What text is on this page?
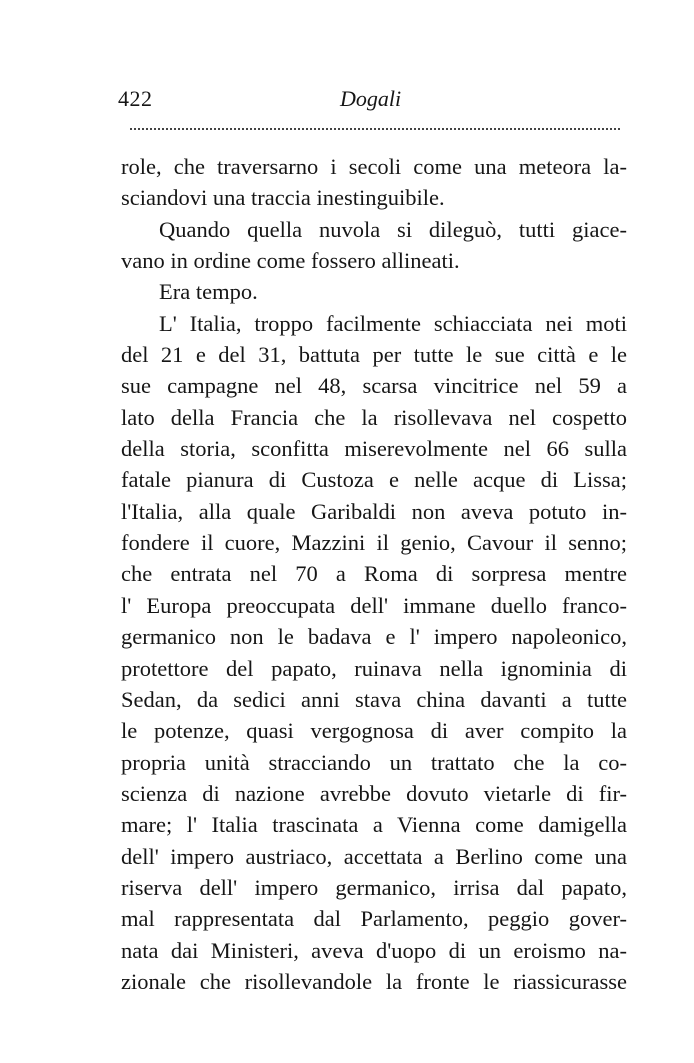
422	Dogali
role, che traversarno i secoli come una meteora la-
sciandovi una traccia inestinguibile.
Quando quella nuvola si dileguò, tutti giace-
vano in ordine come fossero allineati.
Era tempo.
L' Italia, troppo facilmente schiacciata nei moti
del 21 e del 31, battuta per tutte le sue città e le
sue campagne nel 48, scarsa vincitrice nel 59 a
lato della Francia che la risollevava nel cospetto
della storia, sconfitta miserevolmente nel 66 sulla
fatale pianura di Custoza e nelle acque di Lissa;
l'Italia, alla quale Garibaldi non aveva potuto in-
fondere il cuore, Mazzini il genio, Cavour il senno;
che entrata nel 70 a Roma di sorpresa mentre
l' Europa preoccupata dell' immane duello franco-
germanico non le badava e l' impero napoleonico,
protettore del papato, ruinava nella ignominia di
Sedan, da sedici anni stava china davanti a tutte
le potenze, quasi vergognosa di aver compito la
propria unità stracciando un trattato che la co-
scienza di nazione avrebbe dovuto vietarle di fir-
mare; l' Italia trascinata a Vienna come damigella
dell' impero austriaco, accettata a Berlino come una
riserva dell' impero germanico, irrisa dal papato,
mal rappresentata dal Parlamento, peggio gover-
nata dai Ministeri, aveva d'uopo di un eroismo na-
zionale che risollevandole la fronte le riassicurasse
